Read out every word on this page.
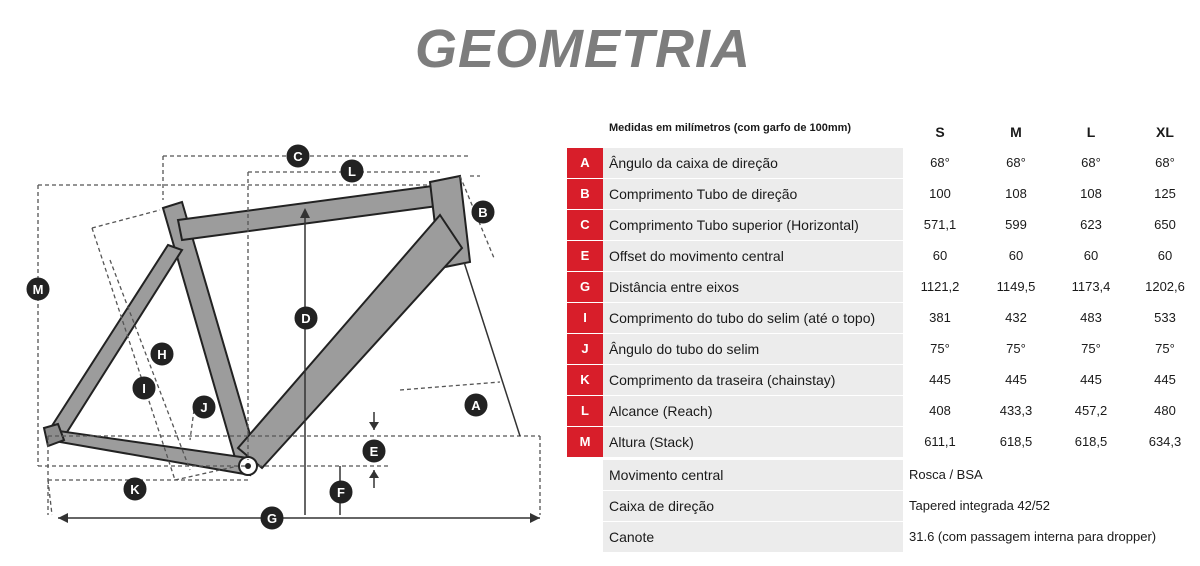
GEOMETRIA
A
B
C
D
E
F
G
H
I
J
K
L
M
Medidas em milímetros (com garfo de 100mm)	S	M	L	XL
A	Ângulo da caixa de direção	68°	68°	68°	68°
B	Comprimento Tubo de direção	100	108	108	125
C	Comprimento Tubo superior (Horizontal)	571,1	599	623	650
E	Offset do movimento central	60	60	60	60
G	Distância entre eixos	1121,2	1149,5	1173,4	1202,6
I	Comprimento do tubo do selim (até o topo)	381	432	483	533
J	Ângulo do tubo do selim	75°	75°	75°	75°
K	Comprimento da traseira (chainstay)	445	445	445	445
L	Alcance (Reach)	408	433,3	457,2	480
M	Altura (Stack)	611,1	618,5	618,5	634,3
Movimento central	Rosca / BSA
Caixa de direção	Tapered integrada 42/52
Canote	31.6 (com passagem interna para dropper)
